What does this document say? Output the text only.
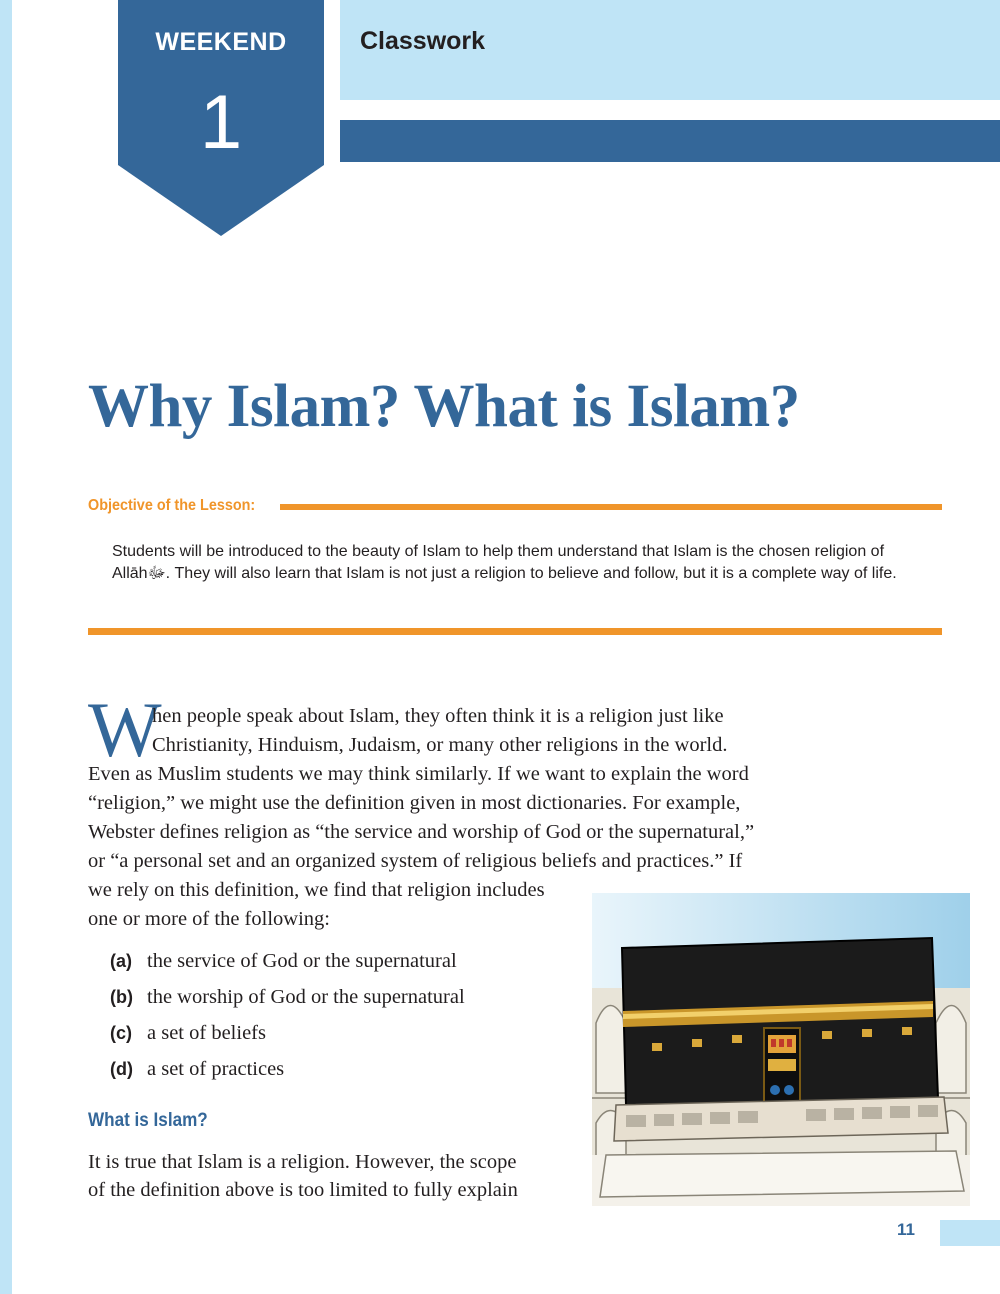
WEEKEND
1
Classwork
Why Islam? What is Islam?
Objective of the Lesson:

Students will be introduced to the beauty of Islam to help them understand that Islam is the chosen religion of Allāhﷻ. They will also learn that Islam is not just a religion to believe and follow, but it is a complete way of life.

W
hen people speak about Islam, they often think it is a religion just like
Christianity, Hinduism, Judaism, or many other religions in the world.
Even as Muslim students we may think similarly. If we want to explain the word
“religion,” we might use the definition given in most dictionaries. For example,
Webster defines religion as “the service and worship of God or the supernatural,”
or “a personal set and an organized system of religious beliefs and practices.” If
we rely on this definition, we find that religion includes
one or more of the following:
(a) the service of God or the supernatural
(b) the worship of God or the supernatural
(c) a set of beliefs
(d) a set of practices
What is Islam?
It is true that Islam is a religion. However, the scope
of the definition above is too limited to fully explain
11
